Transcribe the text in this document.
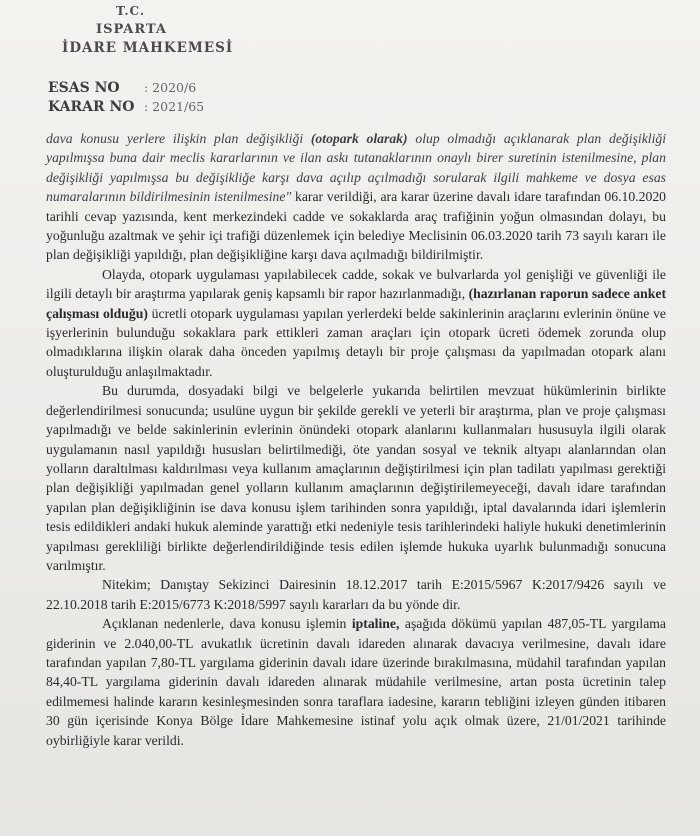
T.C.
ISPARTA
İDARE MAHKEMESİ
ESAS NO : 2020/6
KARAR NO : 2021/65

dava konusu yerlere ilişkin plan değişikliği (otopark olarak) olup olmadığı açıklanarak plan değişikliği yapılmışsa buna dair meclis kararlarının ve ilan askı tutanaklarının onaylı birer suretinin istenilmesine, plan değişikliği yapılmışsa bu değişikliğe karşı dava açılıp açılmadığı sorularak ilgili mahkeme ve dosya esas numaralarının bildirilmesinin istenilmesine" karar verildiği, ara karar üzerine davalı idare tarafından 06.10.2020 tarihli cevap yazısında, kent merkezindeki cadde ve sokaklarda araç trafiğinin yoğun olmasından dolayı, bu yoğunluğu azaltmak ve şehir içi trafiği düzenlemek için belediye Meclisinin 06.03.2020 tarih 73 sayılı kararı ile plan değişikliği yapıldığı, plan değişikliğine karşı dava açılmadığı bildirilmiştir.

Olayda, otopark uygulaması yapılabilecek cadde, sokak ve bulvarlarda yol genişliği ve güvenliği ile ilgili detaylı bir araştırma yapılarak geniş kapsamlı bir rapor hazırlanmadığı, (hazırlanan raporun sadece anket çalışması olduğu) ücretli otopark uygulaması yapılan yerlerdeki belde sakinlerinin araçlarını evlerinin önüne ve işyerlerinin bulunduğu sokaklara park ettikleri zaman araçları için otopark ücreti ödemek zorunda olup olmadıklarına ilişkin olarak daha önceden yapılmış detaylı bir proje çalışması da yapılmadan otopark alanı oluşturulduğu anlaşılmaktadır.

Bu durumda, dosyadaki bilgi ve belgelerle yukarıda belirtilen mevzuat hükümlerinin birlikte değerlendirilmesi sonucunda; usulüne uygun bir şekilde gerekli ve yeterli bir araştırma, plan ve proje çalışması yapılmadığı ve belde sakinlerinin evlerinin önündeki otopark alanlarını kullanmaları hususuyla ilgili olarak uygulamanın nasıl yapıldığı hususları belirtilmediği, öte yandan sosyal ve teknik altyapı alanlarından olan yolların daraltılması kaldırılması veya kullanım amaçlarının değiştirilmesi için plan tadilatı yapılması gerektiği plan değişikliği yapılmadan genel yolların kullanım amaçlarının değiştirilemeyeceği, davalı idare tarafından yapılan plan değişikliğinin ise dava konusu işlem tarihinden sonra yapıldığı, iptal davalarında idari işlemlerin tesis edildikleri andaki hukuk aleminde yarattığı etki nedeniyle tesis tarihlerindeki haliyle hukuki denetimlerinin yapılması gerekliliği birlikte değerlendirildiğinde tesis edilen işlemde hukuka uyarlık bulunmadığı sonucuna varılmıştır.

Nitekim; Danıştay Sekizinci Dairesinin 18.12.2017 tarih E:2015/5967 K:2017/9426 sayılı ve 22.10.2018 tarih E:2015/6773 K:2018/5997 sayılı kararları da bu yönde dir.

Açıklanan nedenlerle, dava konusu işlemin iptaline, aşağıda dökümü yapılan 487,05-TL yargılama giderinin ve 2.040,00-TL avukatlık ücretinin davalı idareden alınarak davacıya verilmesine, davalı idare tarafından yapılan 7,80-TL yargılama giderinin davalı idare üzerinde bırakılmasına, müdahil tarafından yapılan 84,40-TL yargılama giderinin davalı idareden alınarak müdahile verilmesine, artan posta ücretinin talep edilmemesi halinde kararın kesinleşmesinden sonra taraflara iadesine, kararın tebliğini izleyen günden itibaren 30 gün içerisinde Konya Bölge İdare Mahkemesine istinaf yolu açık olmak üzere, 21/01/2021 tarihinde oybirliğiyle karar verildi.
